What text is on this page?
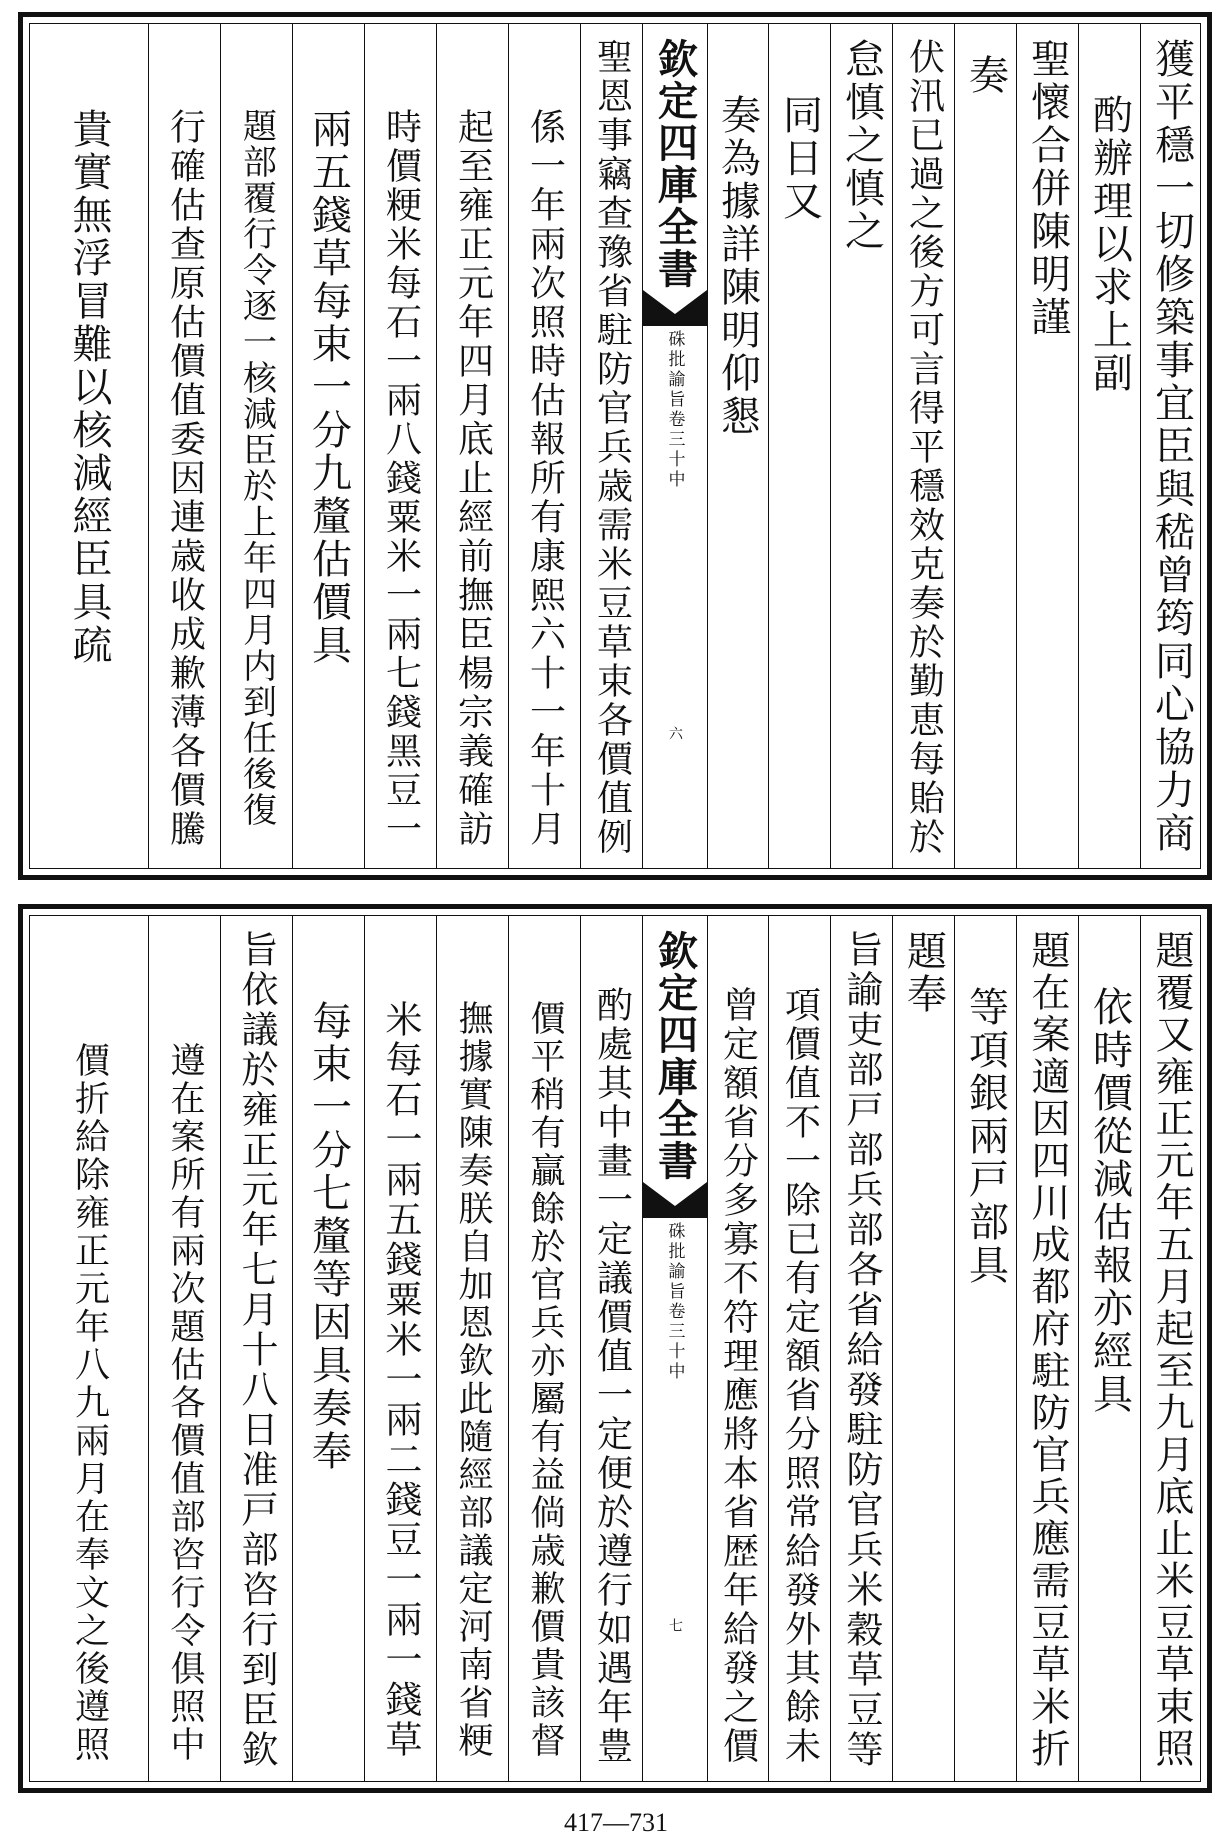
獲平穩一切修築事宜臣與嵇曾筠同心協力商
酌辦理以求上副
聖懷合併陳明謹
奏
伏汛已過之後方可言得平穩效克奏於勤恵每貽於
怠慎之慎之
同日又
奏為據詳陳明仰懇
欽定四庫全書
硃批諭旨卷三十中
六
聖恩事竊查豫省駐防官兵歳需米豆草束各價值例
係一年兩次照時估報所有康熙六十一年十月
起至雍正元年四月底止經前撫臣楊宗義確訪
時價粳米每石一兩八錢粟米一兩七錢黑豆一
兩五錢草每束一分九釐估價具
題部覆行令逐一核減臣於上年四月内到任後復
行確估查原估價值委因連歳收成歉薄各價騰
貴實無浮冒難以核減經臣具疏
題覆又雍正元年五月起至九月底止米豆草束照
依時價從減估報亦經具
題在案適因四川成都府駐防官兵應需豆草米折
等項銀兩戸部具
題奉
旨諭吏部戸部兵部各省給發駐防官兵米穀草豆等
項價值不一除已有定額省分照常給發外其餘未
曾定額省分多寡不符理應將本省歴年給發之價
欽定四庫全書
硃批諭旨卷三十中
七
酌處其中畫一定議價值一定便於遵行如遇年豊
價平稍有贏餘於官兵亦屬有益倘歳歉價貴該督
撫據實陳奏朕自加恩欽此隨經部議定河南省粳
米每石一兩五錢粟米一兩二錢豆一兩一錢草
每束一分七釐等因具奏奉
旨依議於雍正元年七月十八日准戸部咨行到臣欽
遵在案所有兩次題估各價值部咨行令俱照中
價折給除雍正元年八九兩月在奉文之後遵照
417—731
